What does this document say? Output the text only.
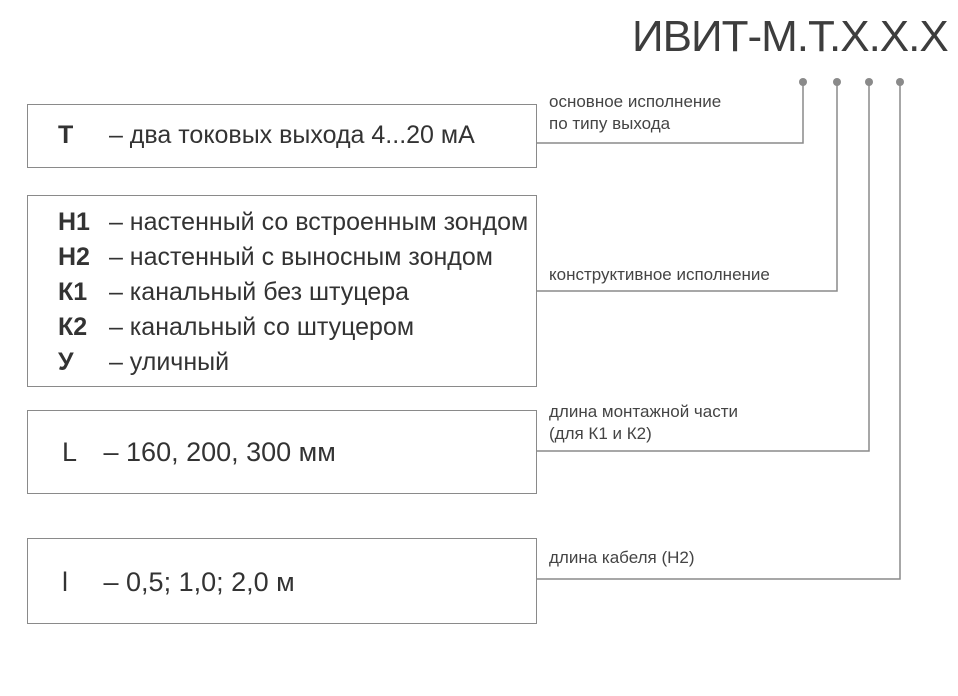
ИВИТ-М.Т.Х.Х.Х
Т – два токовых выхода 4...20 мА
Н1 – настенный со встроенным зондом
Н2 – настенный с выносным зондом
К1 – канальный без штуцера
К2 – канальный со штуцером
У – уличный
L – 160, 200, 300 мм
l – 0,5; 1,0; 2,0 м
основное исполнение
по типу выхода
конструктивное исполнение
длина монтажной части
(для К1 и К2)
длина кабеля (Н2)
